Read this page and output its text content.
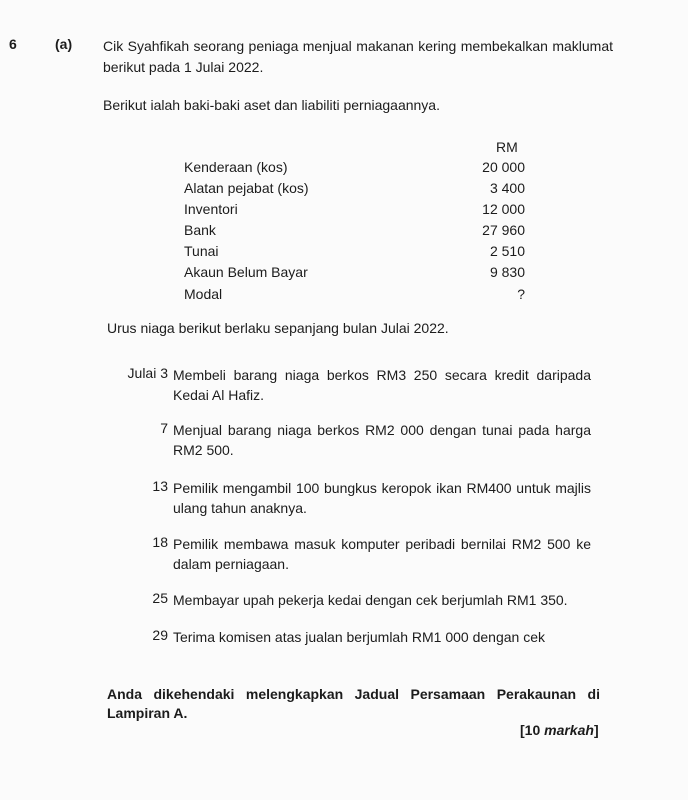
6	(a) Cik Syahfikah seorang peniaga menjual makanan kering membekalkan maklumat berikut pada 1 Julai 2022.
Berikut ialah baki-baki aset dan liabiliti perniagaannya.
RM
Kenderaan (kos)	20 000
Alatan pejabat (kos)	3 400
Inventori	12 000
Bank	27 960
Tunai	2 510
Akaun Belum Bayar	9 830
Modal	?
Urus niaga berikut berlaku sepanjang bulan Julai 2022.
Julai 3 Membeli barang niaga berkos RM3 250 secara kredit daripada Kedai Al Hafiz.
7 Menjual barang niaga berkos RM2 000 dengan tunai pada harga RM2 500.
13 Pemilik mengambil 100 bungkus keropok ikan RM400 untuk majlis ulang tahun anaknya.
18 Pemilik membawa masuk komputer peribadi bernilai RM2 500 ke dalam perniagaan.
25 Membayar upah pekerja kedai dengan cek berjumlah RM1 350.
29 Terima komisen atas jualan berjumlah RM1 000 dengan cek
Anda dikehendaki melengkapkan Jadual Persamaan Perakaunan di Lampiran A.
[10 markah]
